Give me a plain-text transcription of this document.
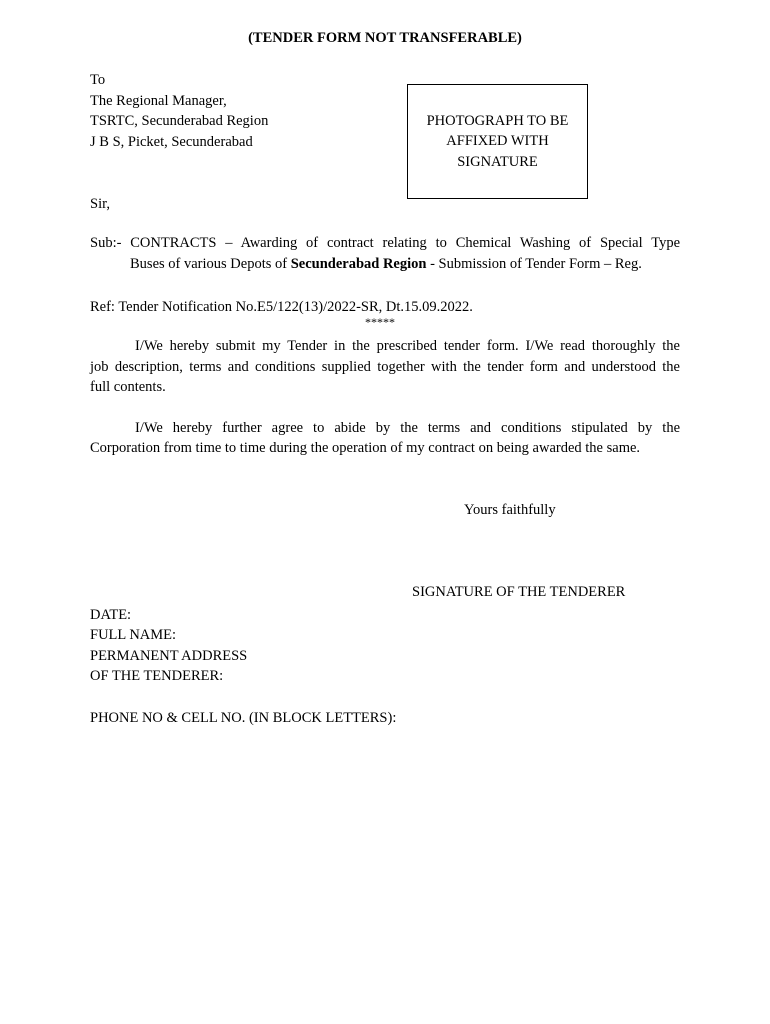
(TENDER FORM NOT TRANSFERABLE)
To
The Regional Manager,
TSRTC, Secunderabad Region
J B S, Picket, Secunderabad
PHOTOGRAPH TO BE
AFFIXED WITH
SIGNATURE
Sir,
Sub:- CONTRACTS – Awarding of contract relating to Chemical Washing of Special Type
Buses of various Depots of Secunderabad Region - Submission of Tender Form – Reg.
Ref: Tender Notification No.E5/122(13)/2022-SR, Dt.15.09.2022.
*****
I/We hereby submit my Tender in the prescribed tender form. I/We read thoroughly the
job description, terms and conditions supplied together with the tender form and understood the
full contents.
I/We hereby further agree to abide by the terms and conditions stipulated by the
Corporation from time to time during the operation of my contract on being awarded the same.
Yours faithfully
SIGNATURE OF THE TENDERER
DATE:
FULL NAME:
PERMANENT ADDRESS
OF THE TENDERER:
PHONE NO & CELL NO. (IN BLOCK LETTERS):
